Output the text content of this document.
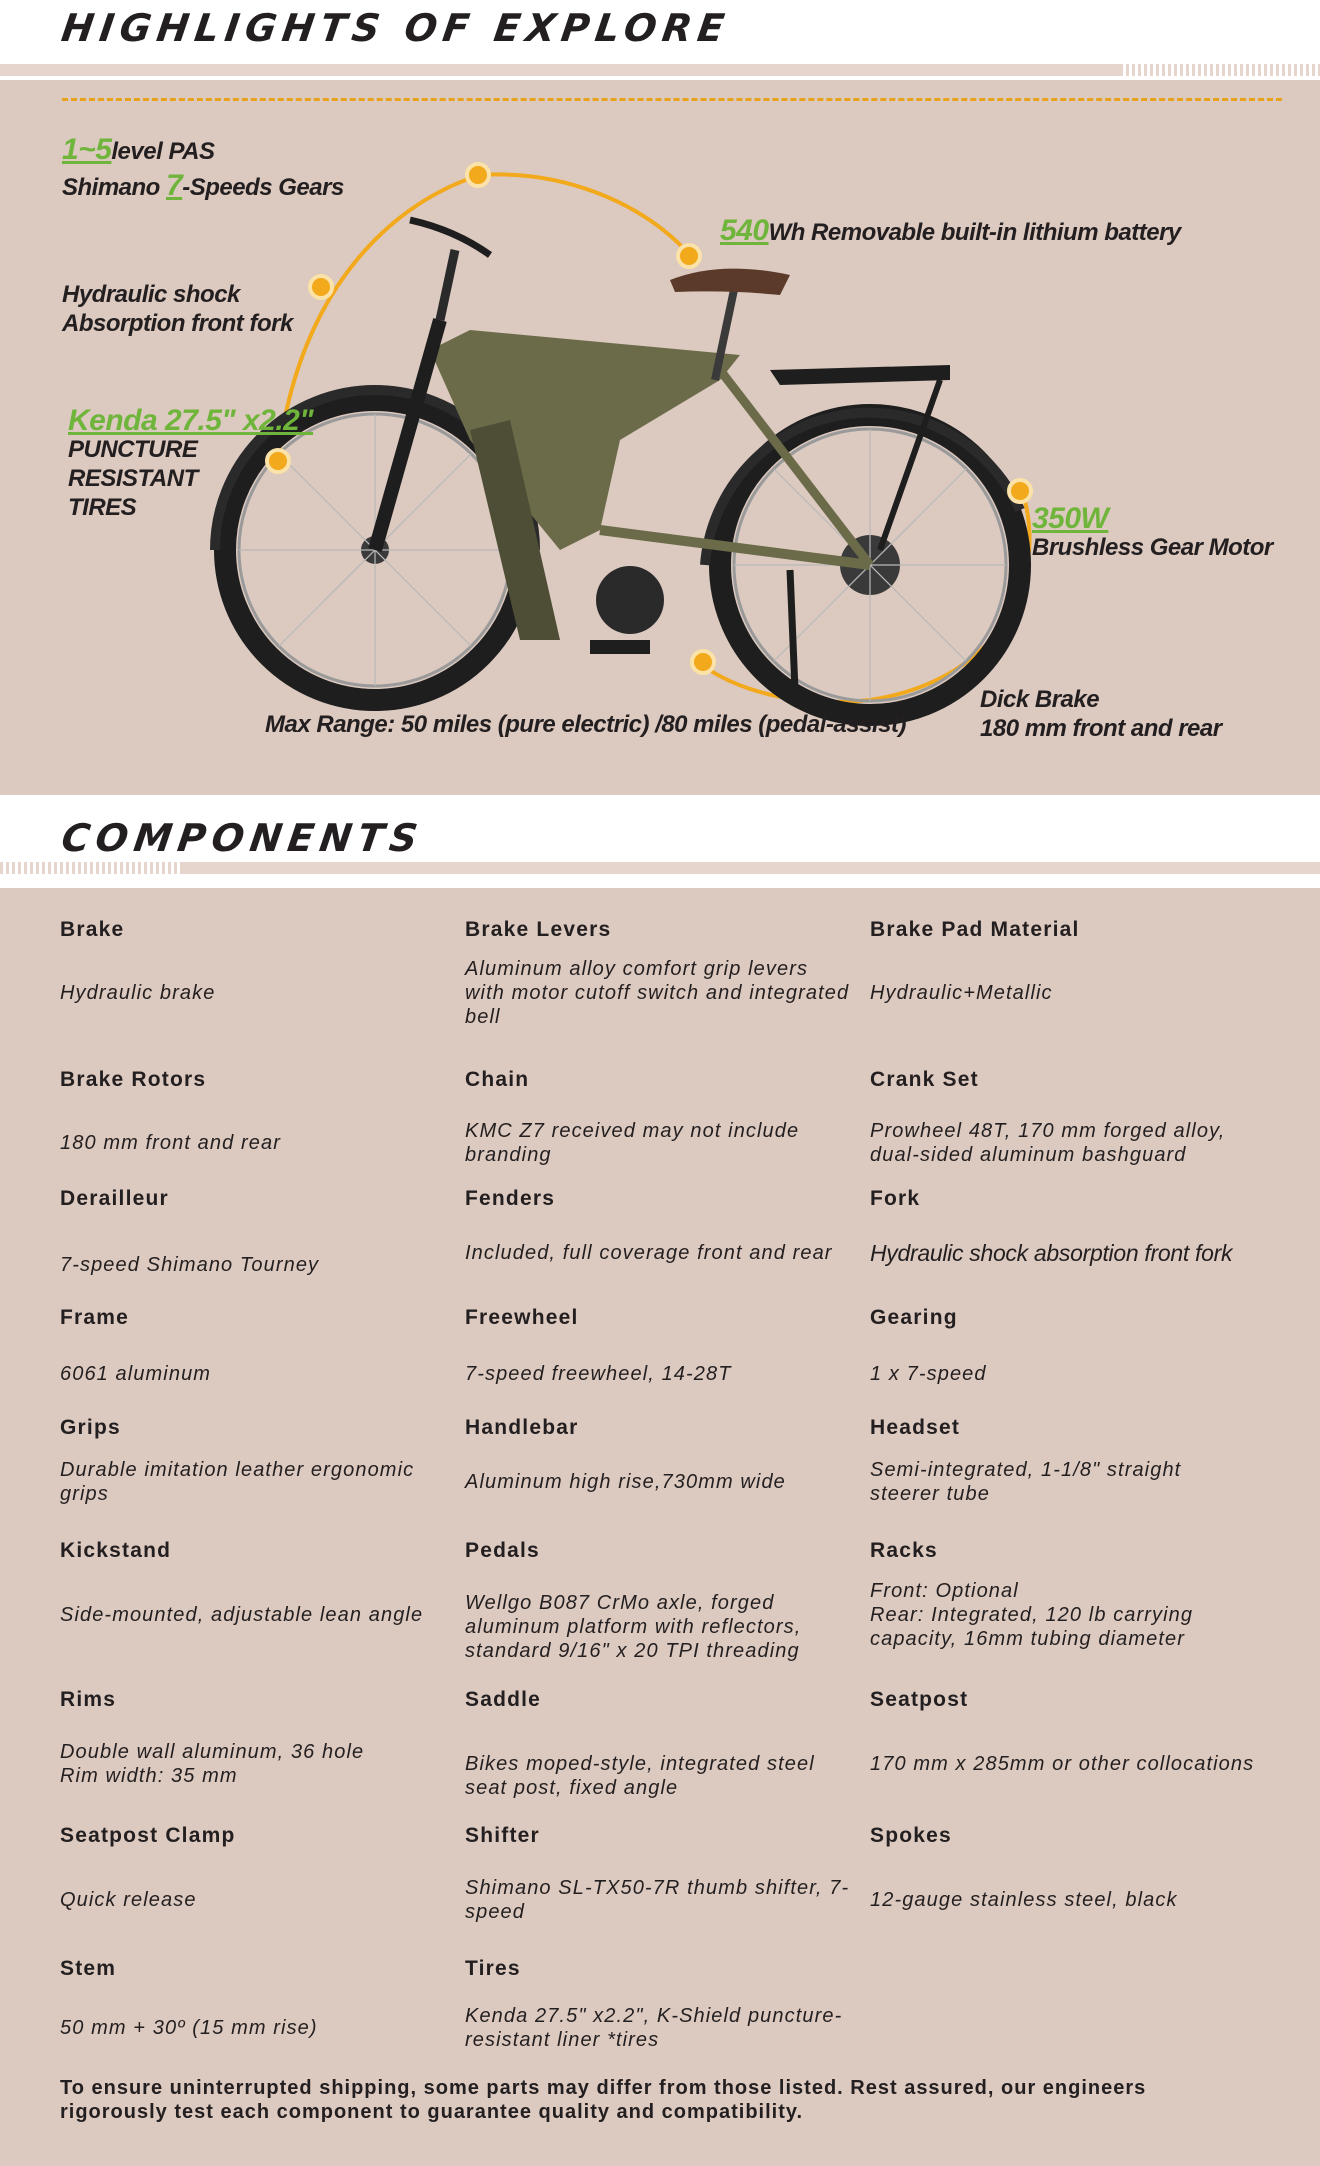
HIGHLIGHTS OF EXPLORE
1~5level PAS
Shimano 7-Speeds Gears
540Wh Removable built-in lithium battery
Hydraulic shock
Absorption front fork
Kenda 27.5" x2.2"
PUNCTURE
RESISTANT
TIRES	350W
Brushless Gear Motor
Max Range: 50 miles (pure electric) /80 miles (pedal-assist)
Dick Brake
180 mm front and rear
COMPONENTS
Brake
Hydraulic brake
Brake Levers
Aluminum alloy comfort grip levers with motor cutoff switch and integrated bell
Brake Pad Material
Hydraulic+Metallic
Brake Rotors
180 mm front and rear
Chain
KMC Z7 received may not include branding
Crank Set
Prowheel 48T, 170 mm forged alloy, dual-sided aluminum bashguard
Derailleur
7-speed Shimano Tourney
Fenders
Included, full coverage front and rear
Fork
Hydraulic shock absorption front fork
Frame
6061 aluminum
Freewheel
7-speed freewheel, 14-28T
Gearing
1 x 7-speed
Grips
Durable imitation leather ergonomic grips
Handlebar
Aluminum high rise,730mm wide
Headset
Semi-integrated, 1-1/8" straight steerer tube
Kickstand
Side-mounted, adjustable lean angle
Pedals
Wellgo B087 CrMo axle, forged aluminum platform with reflectors, standard 9/16" x 20 TPI threading
Racks
Front: Optional
Rear: Integrated, 120 lb carrying capacity, 16mm tubing diameter
Rims
Double wall aluminum, 36 hole
Rim width: 35 mm
Saddle
Bikes moped-style, integrated steel seat post, fixed angle
Seatpost
170 mm x 285mm or other collocations
Seatpost Clamp
Quick release
Shifter
Shimano SL-TX50-7R thumb shifter, 7-speed
Spokes
12-gauge stainless steel, black
Stem
50 mm + 30º (15 mm rise)
Tires
Kenda 27.5" x2.2", K-Shield puncture-resistant liner *tires
To ensure uninterrupted shipping, some parts may differ from those listed. Rest assured, our engineers rigorously test each component to guarantee quality and compatibility.
